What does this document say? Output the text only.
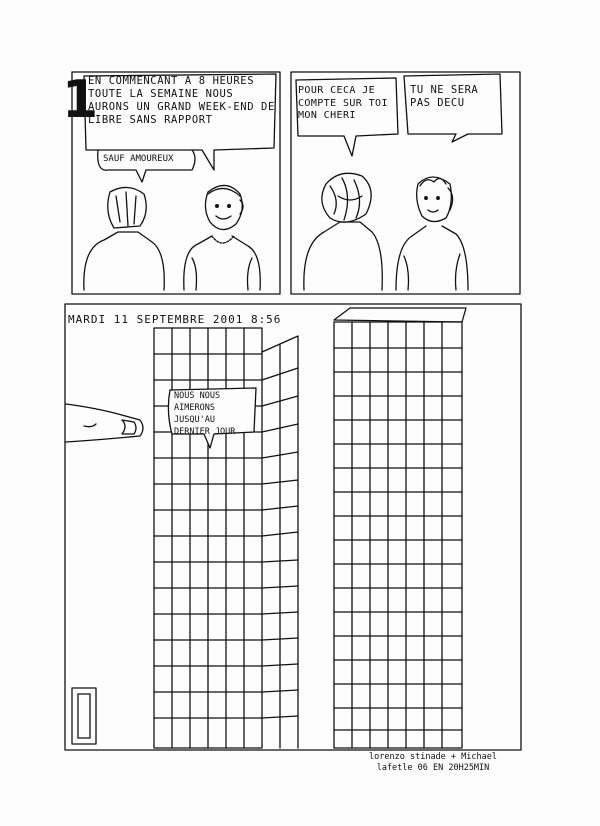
1
EN COMMENCANT A 8 HEURES TOUTE LA SEMAINE NOUS AURONS UN GRAND WEEK-END DE LIBRE SANS RAPPORT
SAUF AMOUREUX
POUR CECA JE COMPTE SUR TOI MON CHERI
TU NE SERA PAS DECU
MARDI 11 SEPTEMBRE 2001 8:56
NOUS NOUS AIMERONS JUSQU'AU DERNIER JOUR
lorenzo stinade + Michael lafetle 06 EN 20H25MIN
